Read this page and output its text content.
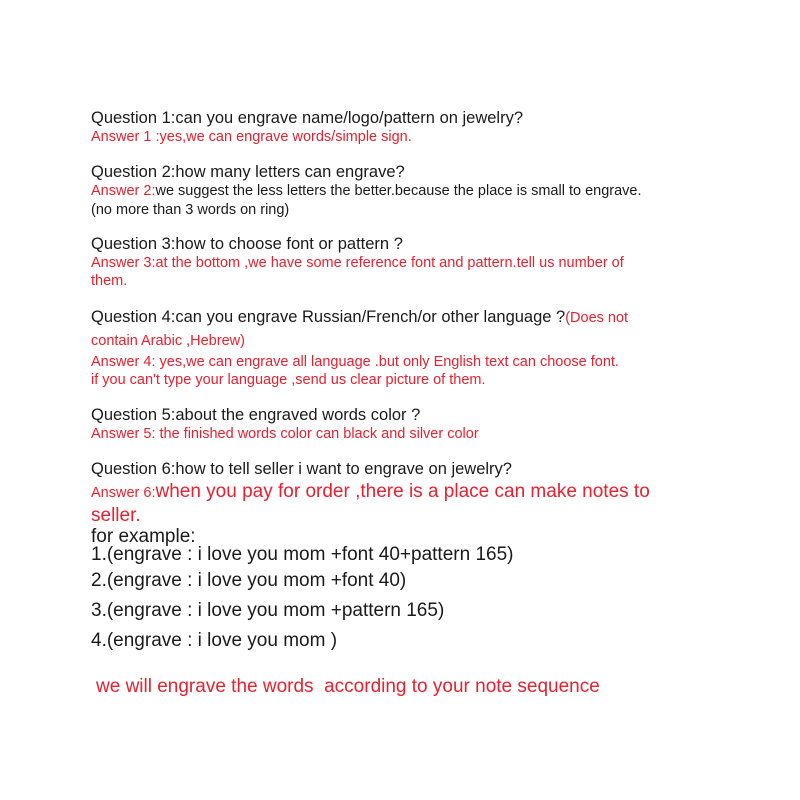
Question 1:can you engrave name/logo/pattern on jewelry?
Answer 1 :yes,we can engrave words/simple sign.
Question 2:how many letters can engrave?
Answer 2:we suggest the less letters the better.because the place is small to engrave.
(no more than 3 words on ring)
Question 3:how to choose font or pattern ?
Answer 3:at the bottom ,we have some reference font and pattern.tell us number of
them.
Question 4:can you engrave Russian/French/or other language ?(Does not
contain Arabic ,Hebrew)
Answer 4: yes,we can engrave all language .but only English text can choose font.
if you can't type your language ,send us clear picture of them.
Question 5:about the engraved words color ?
Answer 5: the finished words color can black and silver color
Question 6:how to tell seller i want to engrave on jewelry?
Answer 6:when you pay for order ,there is a place can make notes to
seller.
for example:
1.(engrave : i love you mom +font 40+pattern 165)
2.(engrave : i love you mom +font 40)
3.(engrave : i love you mom +pattern 165)
4.(engrave : i love you mom )
we will engrave the words  according to your note sequence
